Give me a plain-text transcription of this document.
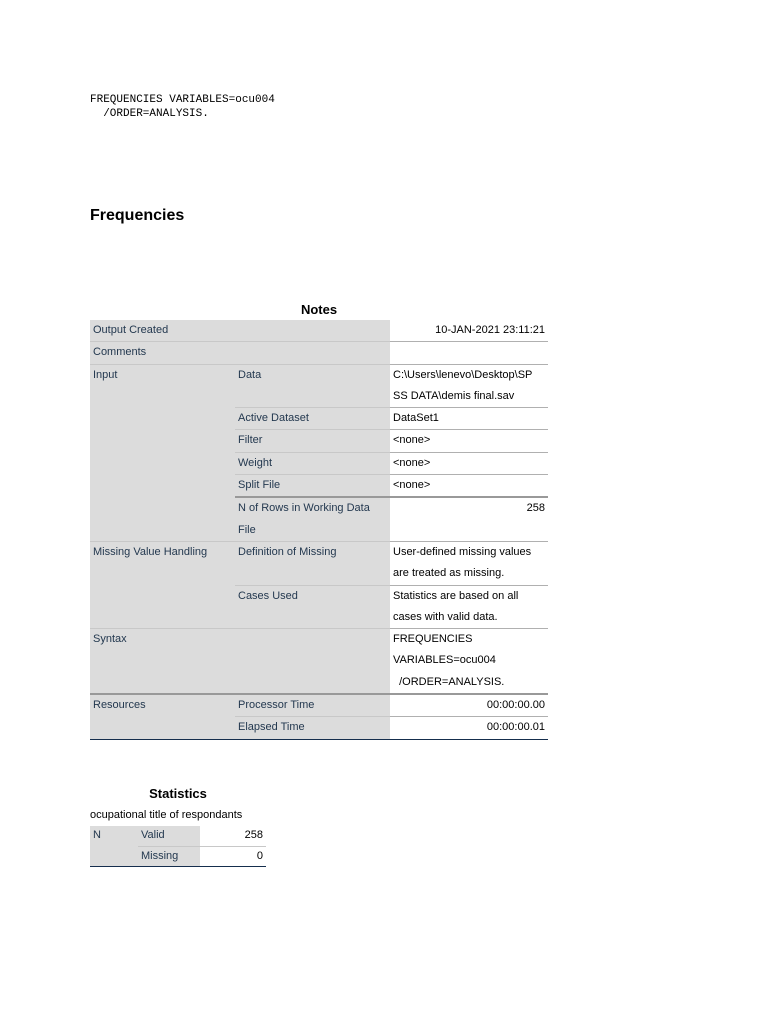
FREQUENCIES VARIABLES=ocu004
/ORDER=ANALYSIS.
Frequencies
Notes
Output Created		10-JAN-2021 23:11:21
Comments		
Input	Data	C:\Users\lenevo\Desktop\SP
SS DATA\demis final.sav

	Active Dataset	DataSet1
	Filter	<none>
	Weight	<none>
	Split File	<none>

	N of Rows in Working Data
File	258
Missing Value Handling	Definition of Missing	User-defined missing values
are treated as missing.

	Cases Used	Statistics are based on all
cases with valid data.

Syntax		FREQUENCIES
VARIABLES=ocu004
/ORDER=ANALYSIS.

Resources	Processor Time	00:00:00.00
	Elapsed Time	00:00:00.01
Statistics
ocupational title of respondants
N	Valid	258
	Missing	0
